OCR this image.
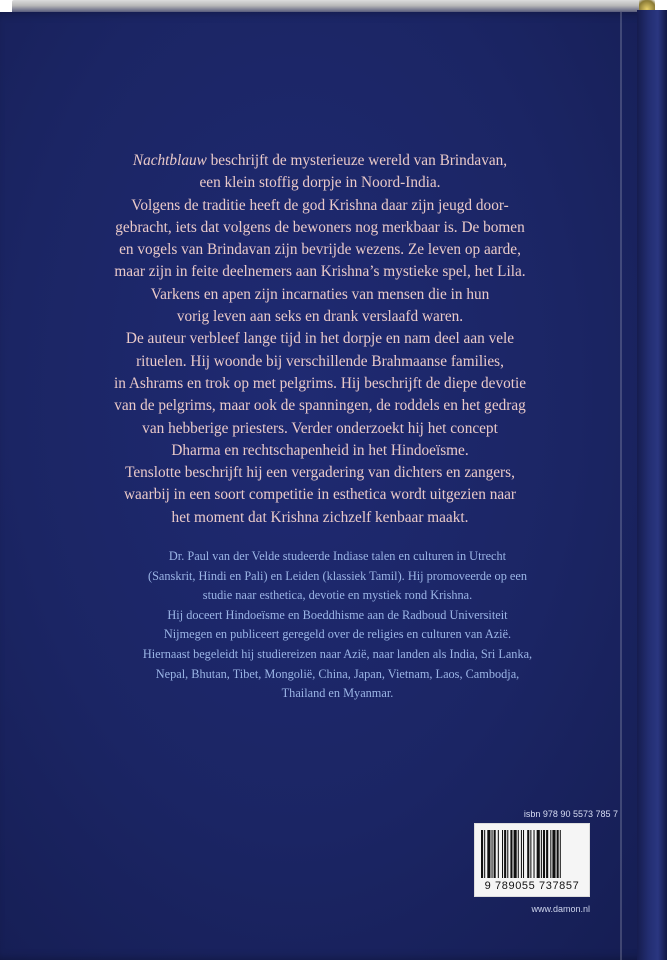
Nachtblauw beschrijft de mysterieuze wereld van Brindavan,
een klein stoffig dorpje in Noord-India.
Volgens de traditie heeft de god Krishna daar zijn jeugd door-
gebracht, iets dat volgens de bewoners nog merkbaar is. De bomen
en vogels van Brindavan zijn bevrijde wezens. Ze leven op aarde,
maar zijn in feite deelnemers aan Krishna’s mystieke spel, het Lila.
Varkens en apen zijn incarnaties van mensen die in hun
vorig leven aan seks en drank verslaafd waren.
De auteur verbleef lange tijd in het dorpje en nam deel aan vele
rituelen. Hij woonde bij verschillende Brahmaanse families,
in Ashrams en trok op met pelgrims. Hij beschrijft de diepe devotie
van de pelgrims, maar ook de spanningen, de roddels en het gedrag
van hebberige priesters. Verder onderzoekt hij het concept
Dharma en rechtschapenheid in het Hindoeïsme.
Tenslotte beschrijft hij een vergadering van dichters en zangers,
waarbij in een soort competitie in esthetica wordt uitgezien naar
het moment dat Krishna zichzelf kenbaar maakt.
Dr. Paul van der Velde studeerde Indiase talen en culturen in Utrecht
(Sanskrit, Hindi en Pali) en Leiden (klassiek Tamil). Hij promoveerde op een
studie naar esthetica, devotie en mystiek rond Krishna.
Hij doceert Hindoeïsme en Boeddhisme aan de Radboud Universiteit
Nijmegen en publiceert geregeld over de religies en culturen van Azië.
Hiernaast begeleidt hij studiereizen naar Azië, naar landen als India, Sri Lanka,
Nepal, Bhutan, Tibet, Mongolië, China, Japan, Vietnam, Laos, Cambodja,
Thailand en Myanmar.
isbn 978 90 5573 785 7
9 789055 737857
www.damon.nl
